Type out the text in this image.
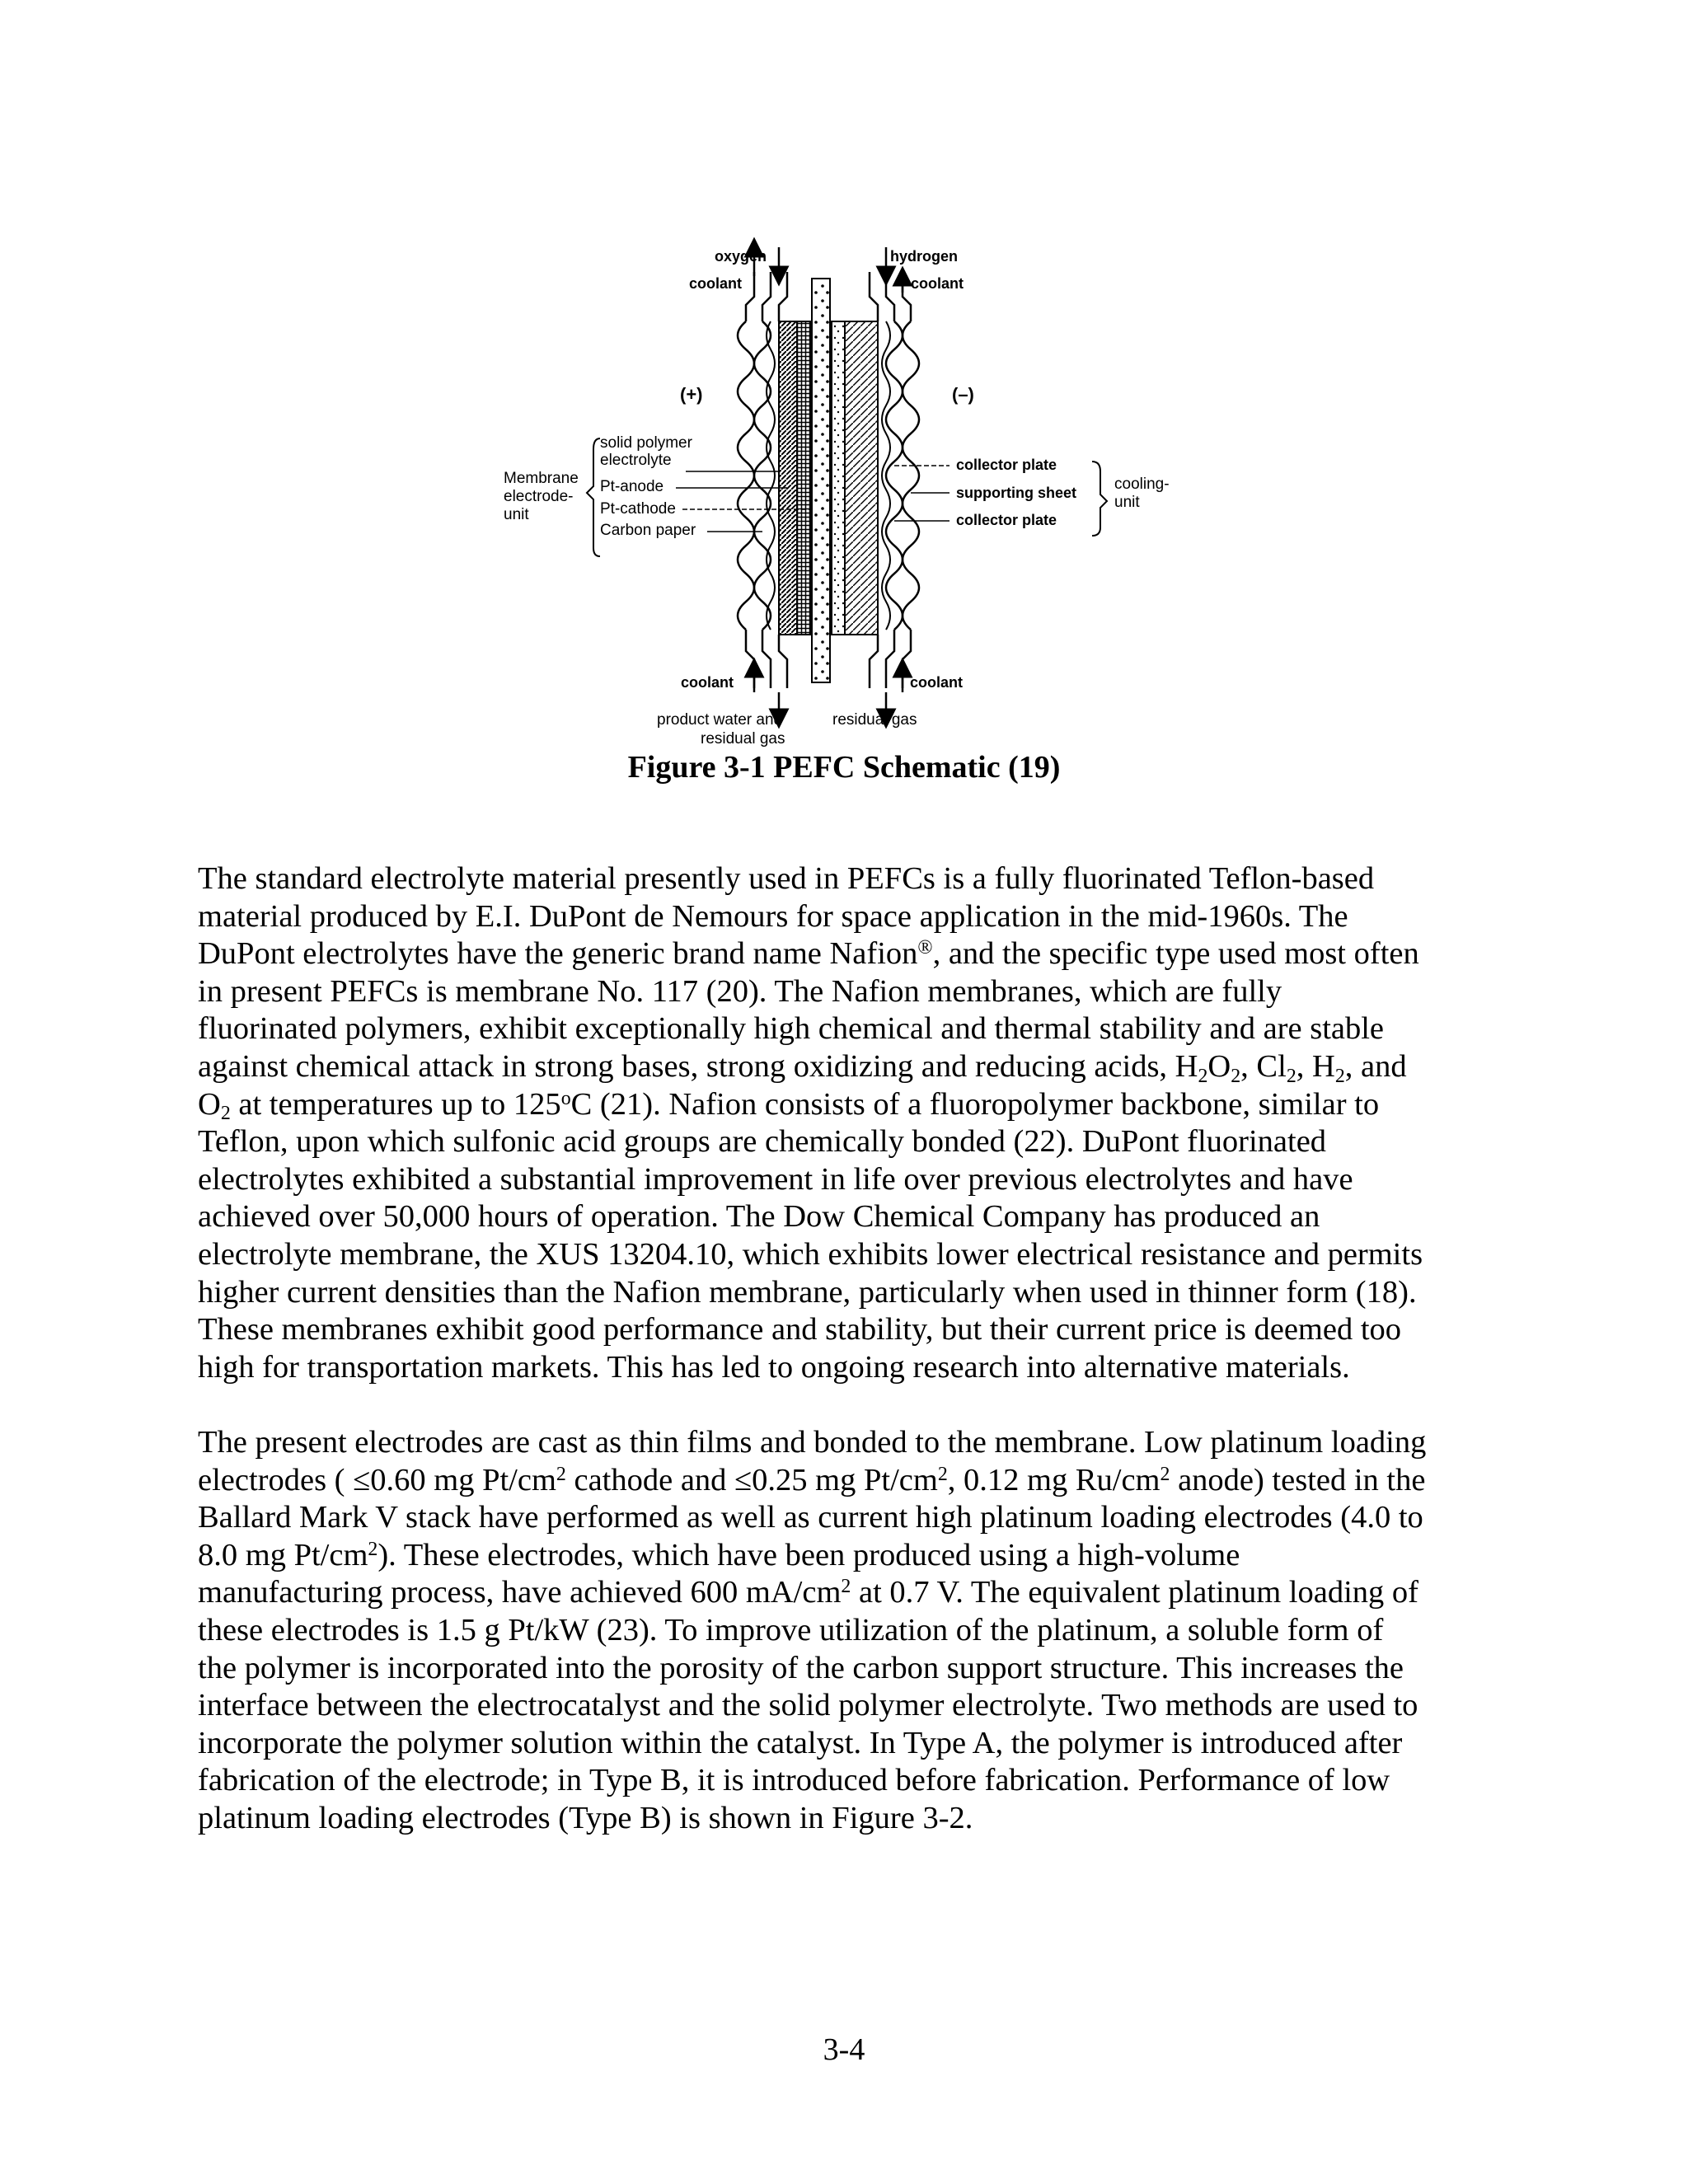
oxygen	hydrogen
coolant	coolant
(+)	(–)
solid polymer
electrolyte
Pt-anode
Pt-cathode
Carbon paper
Membrane
electrode-
unit
collector plate
supporting sheet
collector plate
cooling-
unit
coolant	coolant
product water and
residual gas
residual gas
Figure 3-1 PEFC Schematic (19)
The standard electrolyte material presently used in PEFCs is a fully fluorinated Teflon-based
material produced by E.I. DuPont de Nemours for space application in the mid-1960s. The
DuPont electrolytes have the generic brand name Nafion®, and the specific type used most often
in present PEFCs is membrane No. 117 (20). The Nafion membranes, which are fully
fluorinated polymers, exhibit exceptionally high chemical and thermal stability and are stable
against chemical attack in strong bases, strong oxidizing and reducing acids, $H_2O_2$, $Cl_2$, $H_2$, and
$O_2$ at temperatures up to 125$^o$C (21). Nafion consists of a fluoropolymer backbone, similar to
Teflon, upon which sulfonic acid groups are chemically bonded (22). DuPont fluorinated
electrolytes exhibited a substantial improvement in life over previous electrolytes and have
achieved over 50,000 hours of operation. The Dow Chemical Company has produced an
electrolyte membrane, the XUS 13204.10, which exhibits lower electrical resistance and permits
higher current densities than the Nafion membrane, particularly when used in thinner form (18).
These membranes exhibit good performance and stability, but their current price is deemed too
high for transportation markets. This has led to ongoing research into alternative materials.
The present electrodes are cast as thin films and bonded to the membrane. Low platinum loading
electrodes ( ≤0.60 mg $Pt/cm^2$ cathode and ≤0.25 mg $Pt/cm^2$, 0.12 mg $Ru/cm^2$ anode) tested in the
Ballard Mark V stack have performed as well as current high platinum loading electrodes (4.0 to
8.0 mg $Pt/cm^2$). These electrodes, which have been produced using a high-volume
manufacturing process, have achieved 600 $mA/cm^2$ at 0.7 V. The equivalent platinum loading of
these electrodes is 1.5 g Pt/kW (23). To improve utilization of the platinum, a soluble form of
the polymer is incorporated into the porosity of the carbon support structure. This increases the
interface between the electrocatalyst and the solid polymer electrolyte. Two methods are used to
incorporate the polymer solution within the catalyst. In Type A, the polymer is introduced after
fabrication of the electrode; in Type B, it is introduced before fabrication. Performance of low
platinum loading electrodes (Type B) is shown in Figure 3-2.
3-4
